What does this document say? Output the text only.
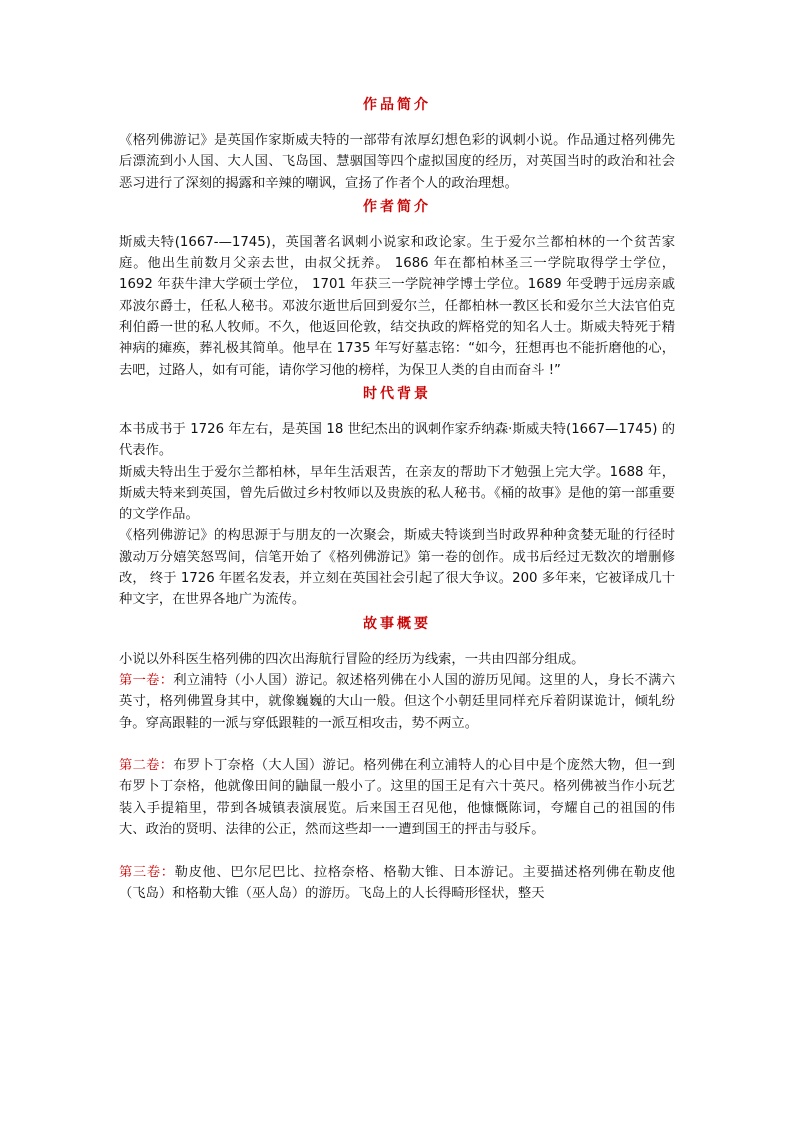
作品简介

《格列佛游记》是英国作家斯威夫特的一部带有浓厚幻想色彩的讽刺小说。作品通过格列佛先后漂流到小人国、大人国、飞岛国、慧骃国等四个虚拟国度的经历，对英国当时的政治和社会恶习进行了深刻的揭露和辛辣的嘲讽，宣扬了作者个人的政治理想。

作者简介

斯威夫特(1667-—1745)，英国著名讽刺小说家和政论家。生于爱尔兰都柏林的一个贫苦家庭。他出生前数月父亲去世，由叔父抚养。 1686 年在都柏林圣三一学院取得学士学位， 1692 年获牛津大学硕士学位， 1701 年获三一学院神学博士学位。1689 年受聘于远房亲戚邓波尔爵士，任私人秘书。邓波尔逝世后回到爱尔兰，任都柏林一教区长和爱尔兰大法官伯克利伯爵一世的私人牧师。不久，他返回伦敦，结交执政的辉格党的知名人士。斯威夫特死于精神病的瘫痪，葬礼极其简单。他早在 1735 年写好墓志铭：“如今，狂想再也不能折磨他的心，去吧，过路人，如有可能，请你学习他的榜样，为保卫人类的自由而奋斗 !”

时代背景

本书成书于 1726 年左右，是英国 18 世纪杰出的讽刺作家乔纳森·斯威夫特(1667—1745) 的代表作。

斯威夫特出生于爱尔兰都柏林，早年生活艰苦，在亲友的帮助下才勉强上完大学。1688 年，斯威夫特来到英国，曾先后做过乡村牧师以及贵族的私人秘书。《桶的故事》是他的第一部重要的文学作品。

《格列佛游记》的构思源于与朋友的一次聚会，斯威夫特谈到当时政界种种贪婪无耻的行径时激动万分嬉笑怒骂间，信笔开始了《格列佛游记》第一卷的创作。成书后经过无数次的增删修改， 终于 1726 年匿名发表，并立刻在英国社会引起了很大争议。200 多年来，它被译成几十种文字，在世界各地广为流传。

故事概要

小说以外科医生格列佛的四次出海航行冒险的经历为线索，一共由四部分组成。

第一卷：利立浦特（小人国）游记。叙述格列佛在小人国的游历见闻。这里的人，身长不满六英寸，格列佛置身其中，就像巍巍的大山一般。但这个小朝廷里同样充斥着阴谋诡计，倾轧纷争。穿高跟鞋的一派与穿低跟鞋的一派互相攻击，势不两立。

第二卷：布罗卜丁奈格（大人国）游记。格列佛在利立浦特人的心目中是个庞然大物，但一到布罗卜丁奈格，他就像田间的鼬鼠一般小了。这里的国王足有六十英尺。格列佛被当作小玩艺装入手提箱里，带到各城镇表演展览。后来国王召见他，他慷慨陈词，夸耀自己的祖国的伟大、政治的贤明、法律的公正，然而这些却一一遭到国王的抨击与驳斥。

第三卷：勒皮他、巴尔尼巴比、拉格奈格、格勒大锥、日本游记。主要描述格列佛在勒皮他（飞岛）和格勒大锥（巫人岛）的游历。飞岛上的人长得畸形怪状，整天
